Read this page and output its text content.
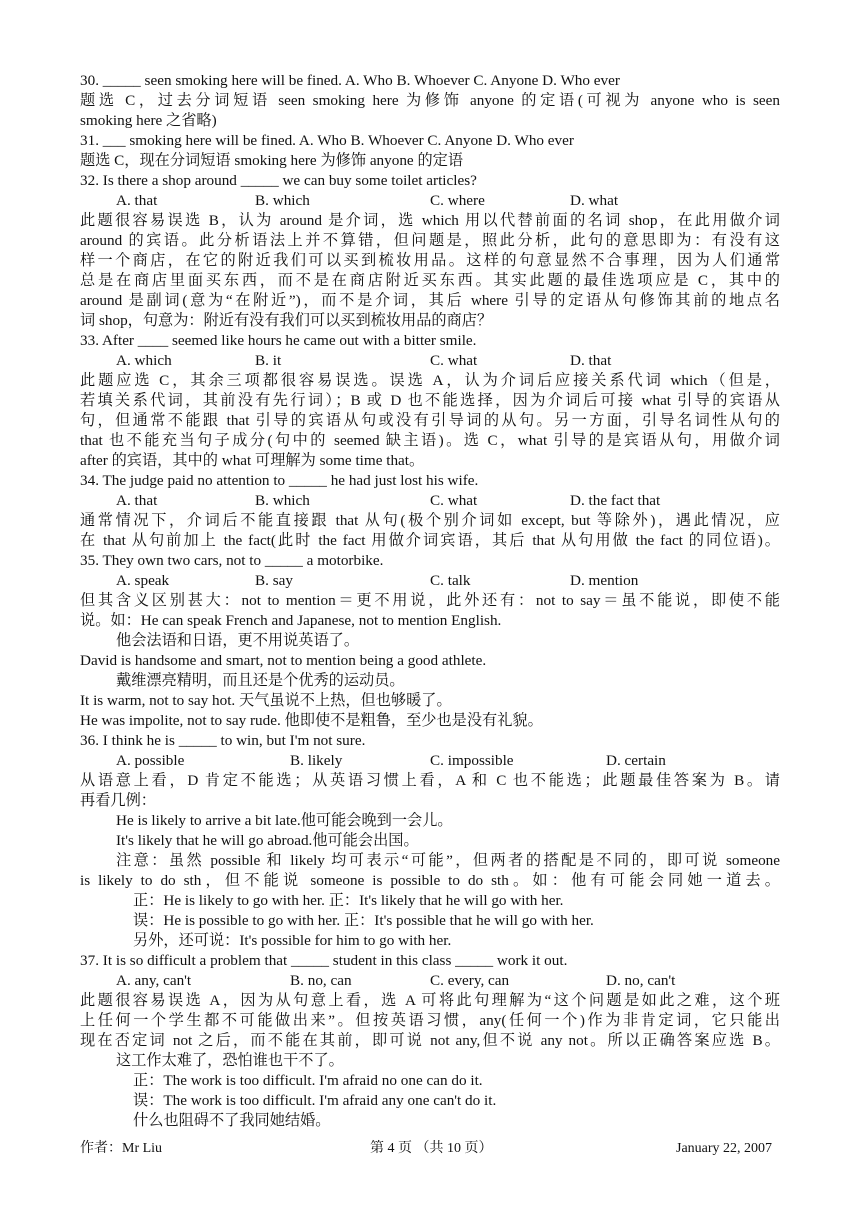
30. _____ seen smoking here will be fined. A. Who B. Whoever C. Anyone D. Who ever
题选 C，过去分词短语 seen smoking here 为修饰 anyone 的定语(可视为 anyone who is seen
smoking here 之省略)
31. ___ smoking here will be fined. A. Who B. Whoever C. Anyone D. Who ever
题选 C，现在分词短语 smoking here 为修饰 anyone 的定语
32. Is there a shop around _____ we can buy some toilet articles?
A. that	B. which	C. where	D. what
此题很容易误选 B，认为 around 是介词，选 which 用以代替前面的名词 shop，在此用做介词
around 的宾语。此分析语法上并不算错，但问题是，照此分析，此句的意思即为：有没有这
样一个商店，在它的附近我们可以买到梳妆用品。这样的句意显然不合事理，因为人们通常
总是在商店里面买东西，而不是在商店附近买东西。其实此题的最佳选项应是 C，其中的
around 是副词(意为“在附近”)，而不是介词，其后 where 引导的定语从句修饰其前的地点名
词 shop，句意为：附近有没有我们可以买到梳妆用品的商店？
33. After ____ seemed like hours he came out with a bitter smile.
A. which	B. it	C. what	D. that
此题应选 C，其余三项都很容易误选。误选 A，认为介词后应接关系代词 which（但是，
若填关系代词，其前没有先行词）；B 或 D 也不能选择，因为介词后可接 what 引导的宾语从
句，但通常不能跟 that 引导的宾语从句或没有引导词的从句。另一方面，引导名词性从句的
that 也不能充当句子成分(句中的 seemed 缺主语)。选 C，what 引导的是宾语从句，用做介词
after 的宾语，其中的 what 可理解为 some time that。
34. The judge paid no attention to _____ he had just lost his wife.
A. that	B. which	C. what	D. the fact that
通常情况下，介词后不能直接跟 that 从句(极个别介词如 except, but 等除外)，遇此情况，应
在 that 从句前加上 the fact(此时 the fact 用做介词宾语，其后 that 从句用做 the fact 的同位语)。
35. They own two cars, not to _____ a motorbike.
A. speak	B. say	C. talk	D. mention
但其含义区别甚大：not to mention＝更不用说，此外还有：not to say＝虽不能说，即使不能
说。如：He can speak French and Japanese, not to mention English.
他会法语和日语，更不用说英语了。
David is handsome and smart, not to mention being a good athlete.
戴维漂亮精明，而且还是个优秀的运动员。
It is warm, not to say hot. 天气虽说不上热，但也够暖了。
He was impolite, not to say rude. 他即使不是粗鲁，至少也是没有礼貌。
36. I think he is _____ to win, but I'm not sure.
A. possible	B. likely	C. impossible	D. certain
从语意上看，D 肯定不能选；从英语习惯上看，A 和 C 也不能选；此题最佳答案为 B。请
再看几例：
He is likely to arrive a bit late.他可能会晚到一会儿。
It's likely that he will go abroad.他可能会出国。
注意：虽然 possible 和 likely 均可表示“可能”，但两者的搭配是不同的，即可说 someone
is likely to do sth，但不能说 someone is possible to do sth。如：他有可能会同她一道去。
正：He is likely to go with her. 正：It's likely that he will go with her.
误：He is possible to go with her. 正：It's possible that he will go with her.
另外，还可说：It's possible for him to go with her.
37. It is so difficult a problem that _____ student in this class _____ work it out.
A. any, can't	B. no, can	C. every, can	D. no, can't
此题很容易误选 A，因为从句意上看，选 A 可将此句理解为“这个问题是如此之难，这个班
上任何一个学生都不可能做出来”。但按英语习惯，any(任何一个)作为非肯定词，它只能出
现在否定词 not 之后，而不能在其前，即可说 not any,但不说 any not。所以正确答案应选 B。
这工作太难了，恐怕谁也干不了。
正：The work is too difficult. I'm afraid no one can do it.
误：The work is too difficult. I'm afraid any one can't do it.
什么也阻碍不了我同她结婚。
作者：Mr Liu	第 4 页 （共 10 页）	January 22, 2007
